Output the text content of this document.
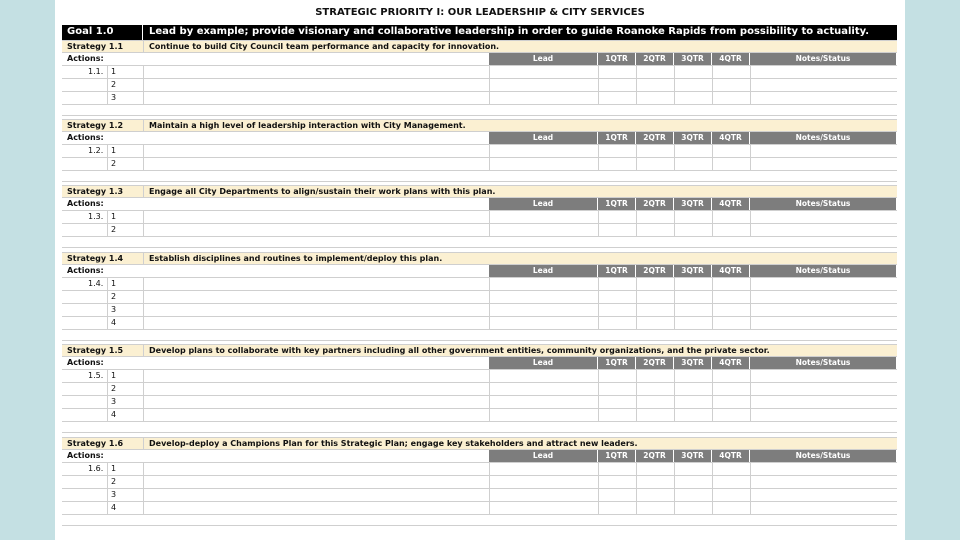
STRATEGIC PRIORITY I: OUR LEADERSHIP & CITY SERVICES
Goal 1.0	Lead by example; provide visionary and collaborative leadership in order to guide Roanoke Rapids from possibility to actuality.
Strategy 1.1	Continue to build City Council team performance and capacity for innovation.
Actions:	Lead	1QTR	2QTR	3QTR	4QTR	Notes/Status
1.1. 1
2
3
Strategy 1.2	Maintain a high level of leadership interaction with City Management.
Actions:	Lead	1QTR	2QTR	3QTR	4QTR	Notes/Status
1.2. 1
2
Strategy 1.3	Engage all City Departments to align/sustain their work plans with this plan.
Actions:	Lead	1QTR	2QTR	3QTR	4QTR	Notes/Status
1.3. 1
2
Strategy 1.4	Establish disciplines and routines to implement/deploy this plan.
Actions:	Lead	1QTR	2QTR	3QTR	4QTR	Notes/Status
1.4. 1
2
3
4
Strategy 1.5	Develop plans to collaborate with key partners including all other government entities, community organizations, and the private sector.
Actions:	Lead	1QTR	2QTR	3QTR	4QTR	Notes/Status
1.5. 1
2
3
4
Strategy 1.6	Develop-deploy a Champions Plan for this Strategic Plan; engage key stakeholders and attract new leaders.
Actions:	Lead	1QTR	2QTR	3QTR	4QTR	Notes/Status
1.6. 1
2
3
4
